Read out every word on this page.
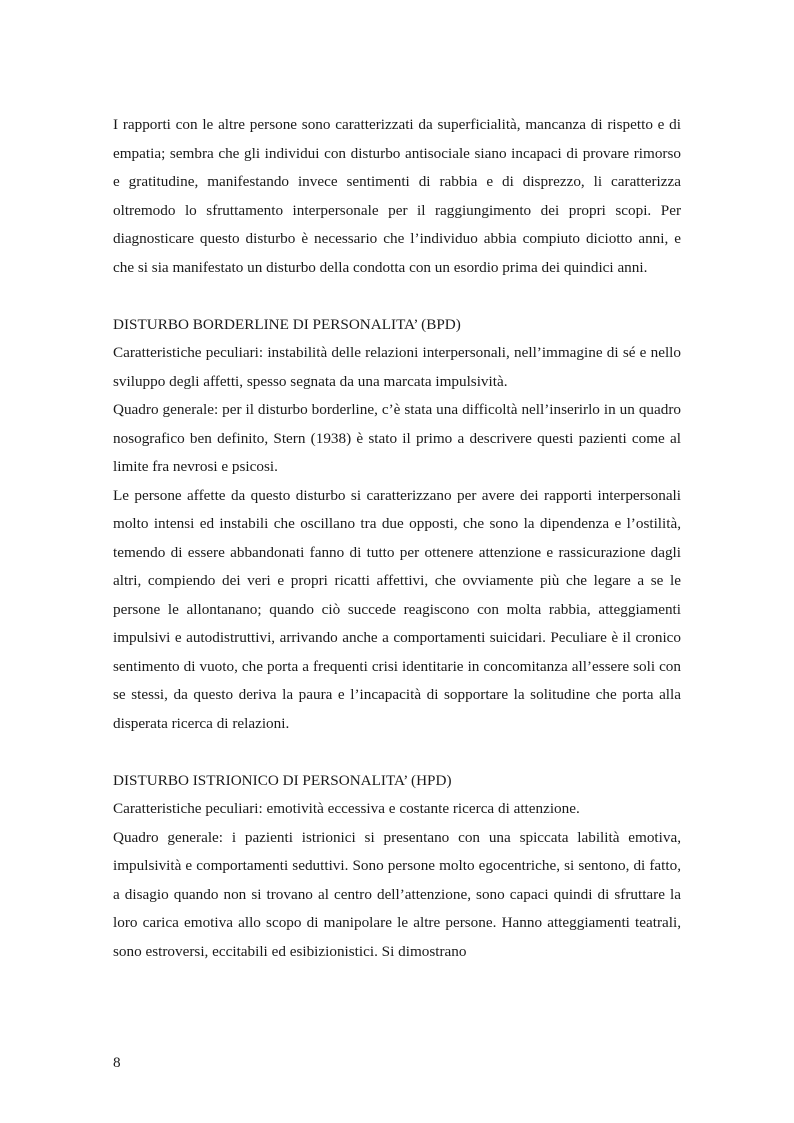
I rapporti con le altre persone sono caratterizzati da superficialità, mancanza di rispetto e di empatia; sembra che gli individui con disturbo antisociale siano incapaci di provare rimorso e gratitudine, manifestando invece sentimenti di rabbia e di disprezzo, li caratterizza oltremodo lo sfruttamento interpersonale per il raggiungimento dei propri scopi. Per diagnosticare questo disturbo è necessario che l’individuo abbia compiuto diciotto anni, e che si sia manifestato un disturbo della condotta con un esordio prima dei quindici anni.

DISTURBO BORDERLINE DI PERSONALITA’ (BPD)

Caratteristiche peculiari: instabilità delle relazioni interpersonali, nell’immagine di sé e nello sviluppo degli affetti, spesso segnata da una marcata impulsività.

Quadro generale: per il disturbo borderline, c’è stata una difficoltà nell’inserirlo in un quadro nosografico ben definito, Stern (1938) è stato il primo a descrivere questi pazienti come al limite fra nevrosi e psicosi.

Le persone affette da questo disturbo si caratterizzano per avere dei rapporti interpersonali molto intensi ed instabili che oscillano tra due opposti, che sono la dipendenza e l’ostilità, temendo di essere abbandonati fanno di tutto per ottenere attenzione e rassicurazione dagli altri, compiendo dei veri e propri ricatti affettivi, che ovviamente più che legare a se le persone le allontanano; quando ciò succede reagiscono con molta rabbia, atteggiamenti impulsivi e autodistruttivi, arrivando anche a comportamenti suicidari. Peculiare è il cronico sentimento di vuoto, che porta a frequenti crisi identitarie in concomitanza all’essere soli con se stessi, da questo deriva la paura e l’incapacità di sopportare la solitudine che porta alla disperata ricerca di relazioni.

DISTURBO ISTRIONICO DI PERSONALITA’ (HPD)

Caratteristiche peculiari: emotività eccessiva e costante ricerca di attenzione.

Quadro generale: i pazienti istrionici si presentano con una spiccata labilità emotiva, impulsività e comportamenti seduttivi. Sono persone molto egocentriche, si sentono, di fatto, a disagio quando non si trovano al centro dell’attenzione, sono capaci quindi di sfruttare la loro carica emotiva allo scopo di manipolare le altre persone. Hanno atteggiamenti teatrali, sono estroversi, eccitabili ed esibizionistici. Si dimostrano

8
